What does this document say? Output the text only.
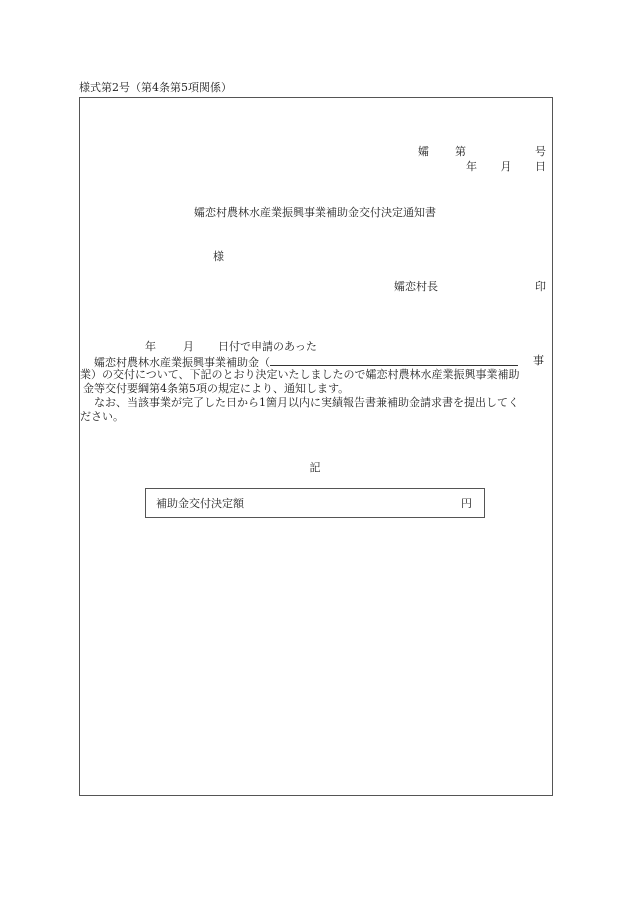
様式第2号（第4条第5項関係）
孀 第	号
年 月 日
孀恋村農林水産業振興事業補助金交付決定通知書
様
孀恋村長	印
年 月 日付で申請のあった
孀恋村農林水産業振興事業補助金（	事
業）の交付について、下記のとおり決定いたしましたので孀恋村農林水産業振興事業補助
金等交付要綱第4条第5項の規定により、通知します。
なお、当該事業が完了した日から1箇月以内に実績報告書兼補助金請求書を提出してく
ださい。
記
補助金交付決定額	円
